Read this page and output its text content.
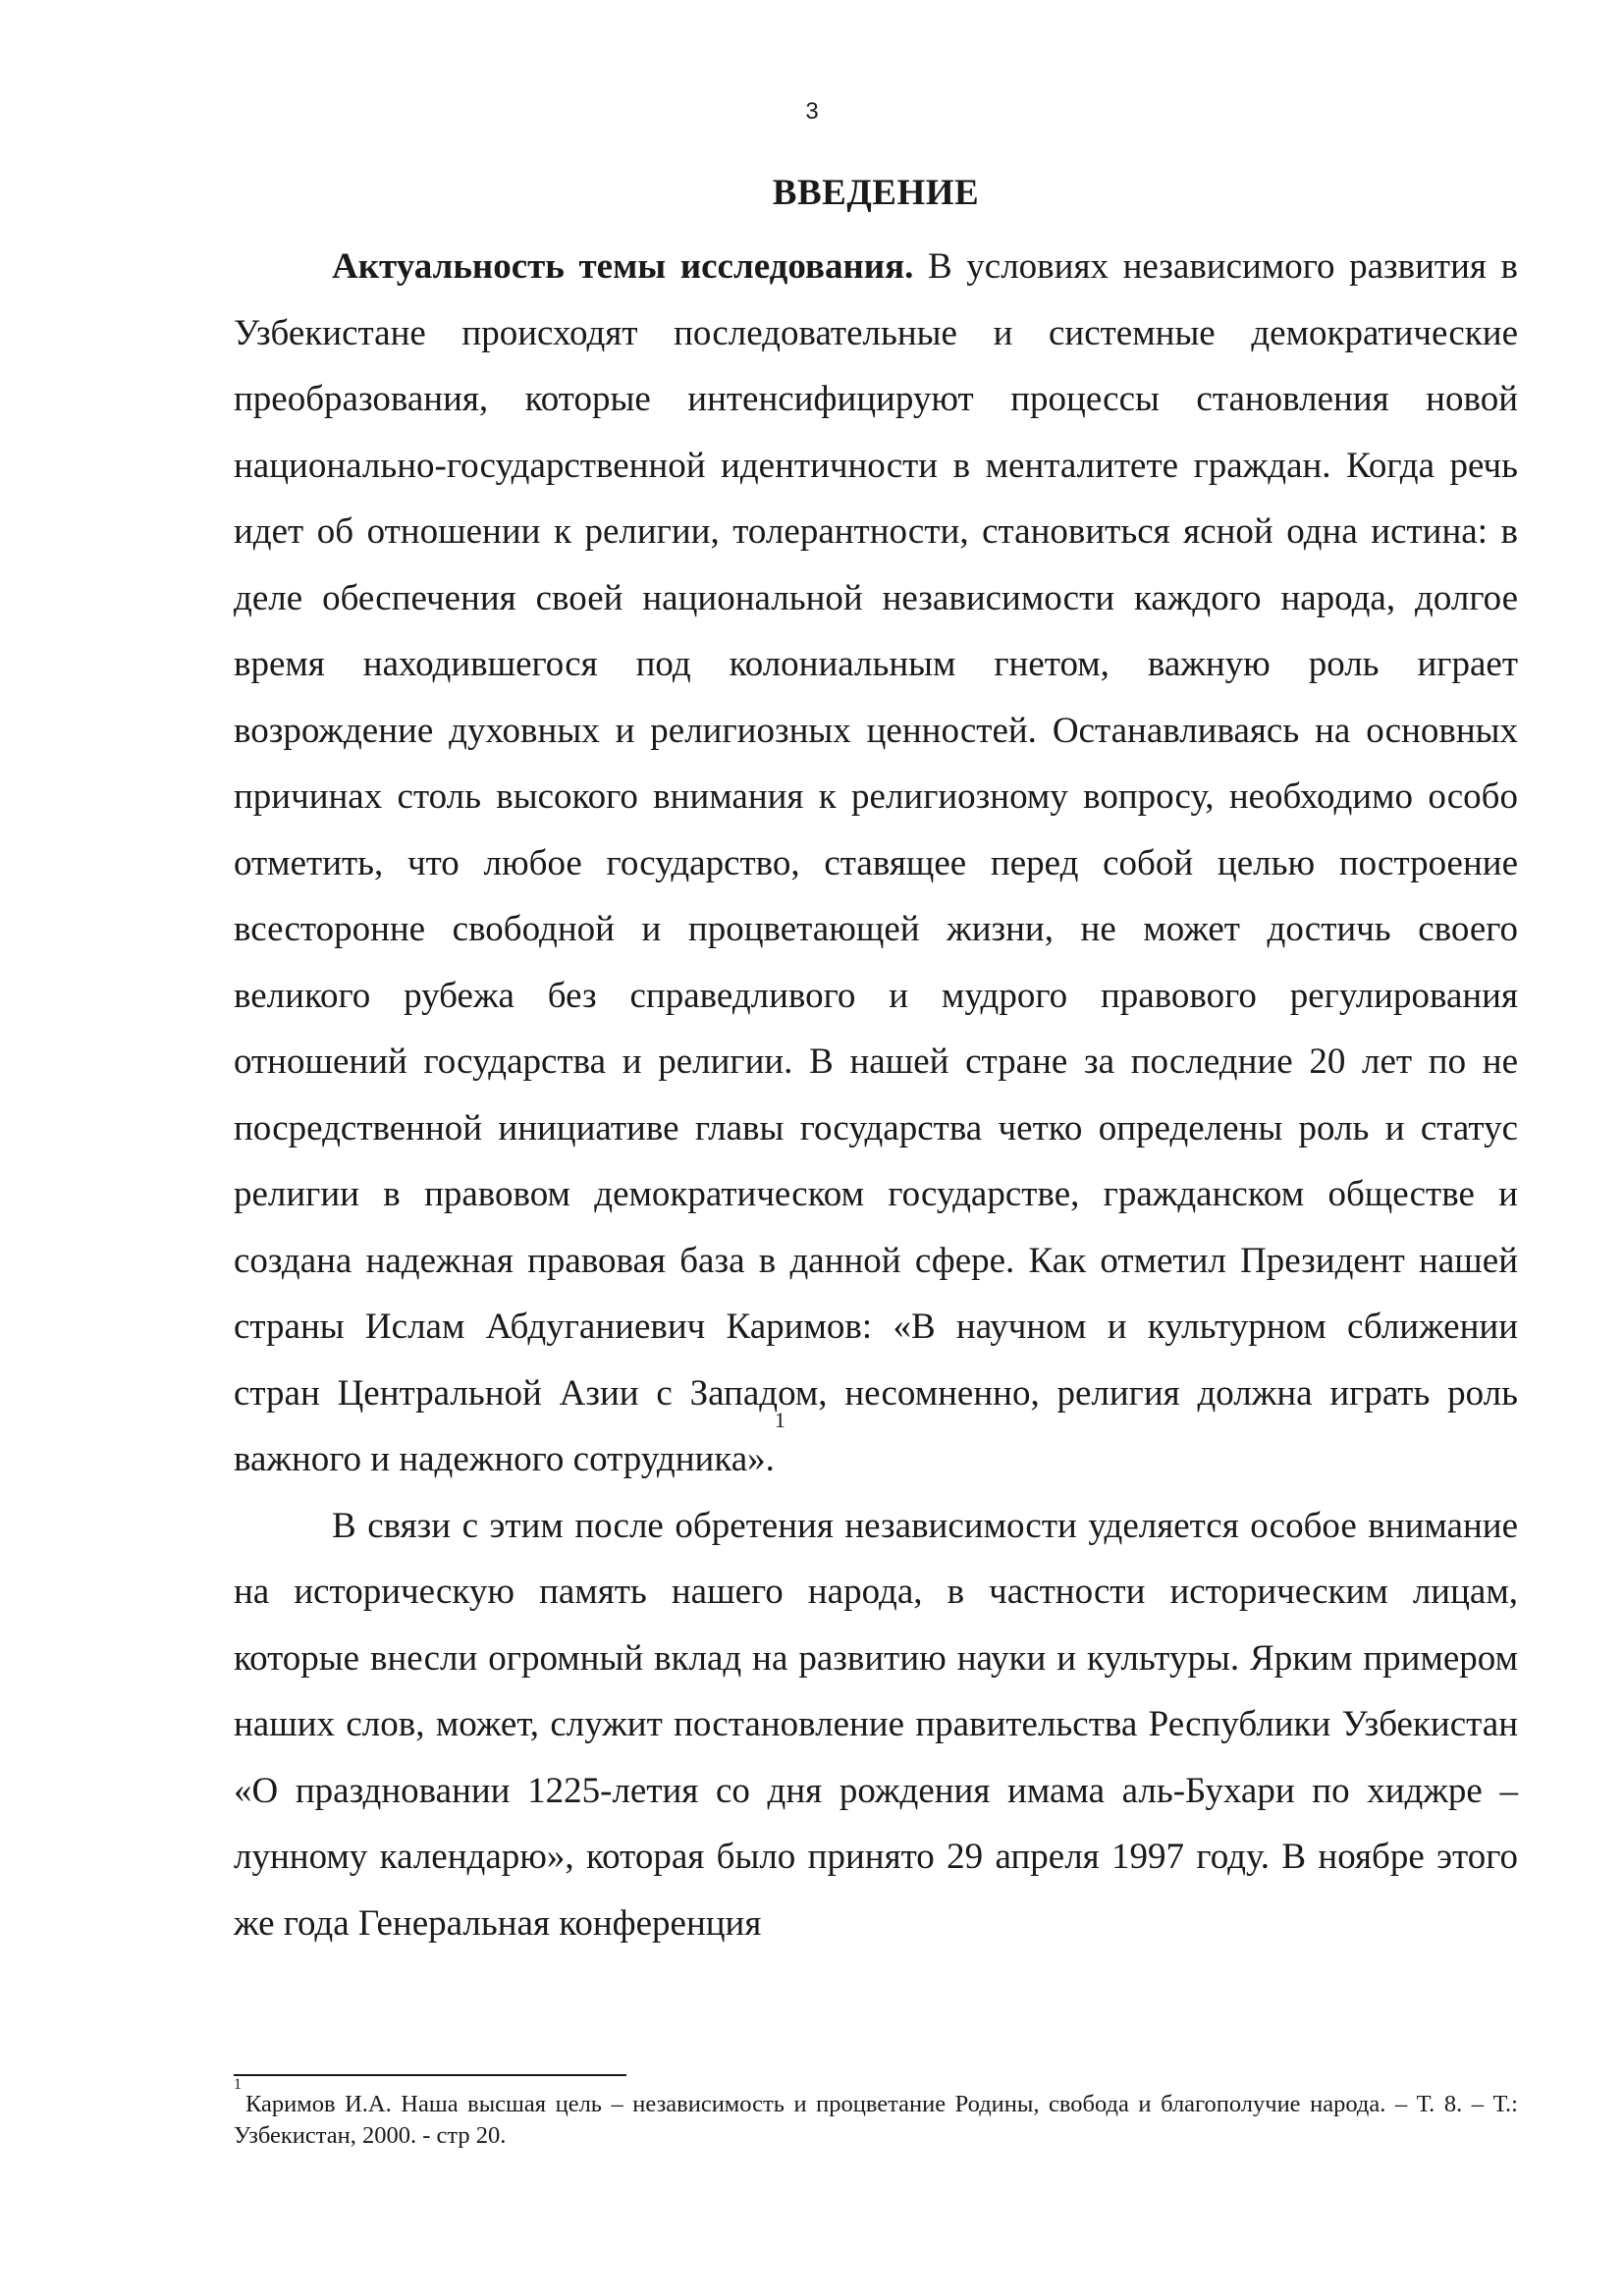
3
ВВЕДЕНИЕ

Актуальность темы исследования. В условиях независимого развития в Узбекистане происходят последовательные и системные демократические преобразования, которые интенсифицируют процессы становления новой национально-государственной идентичности в менталитете граждан. Когда речь идет об отношении к религии, толерантности, становиться ясной одна истина: в деле обеспечения своей национальной независимости каждого народа, долгое время находившегося под колониальным гнетом, важную роль играет возрождение духовных и религиозных ценностей. Останавливаясь на основных причинах столь высокого внимания к религиозному вопросу, необходимо особо отметить, что любое государство, ставящее перед собой целью построение всесторонне свободной и процветающей жизни, не может достичь своего великого рубежа без справедливого и мудрого правового регулирования отношений государства и религии. В нашей стране за последние 20 лет по не посредственной инициативе главы государства четко определены роль и статус религии в правовом демократическом государстве, гражданском обществе и создана надежная правовая база в данной сфере. Как отметил Президент нашей страны Ислам Абдуганиевич Каримов: «В научном и культурном сближении стран Центральной Азии с Западом, несомненно, религия должна играть роль важного и надежного сотрудника».$^1$

В связи с этим после обретения независимости уделяется особое внимание на историческую память нашего народа, в частности историческим лицам, которые внесли огромный вклад на развитию науки и культуры. Ярким примером наших слов, может, служит постановление правительства Республики Узбекистан «О праздновании 1225-летия со дня рождения имама аль-Бухари по хиджре – лунному календарю», которая было принято 29 апреля 1997 году. В ноябре этого же года Генеральная конференция

$^1$Каримов И.А. Наша высшая цель – независимость и процветание Родины, свобода и благополучие народа. – Т. 8. – Т.: Узбекистан, 2000. - стр 20.
